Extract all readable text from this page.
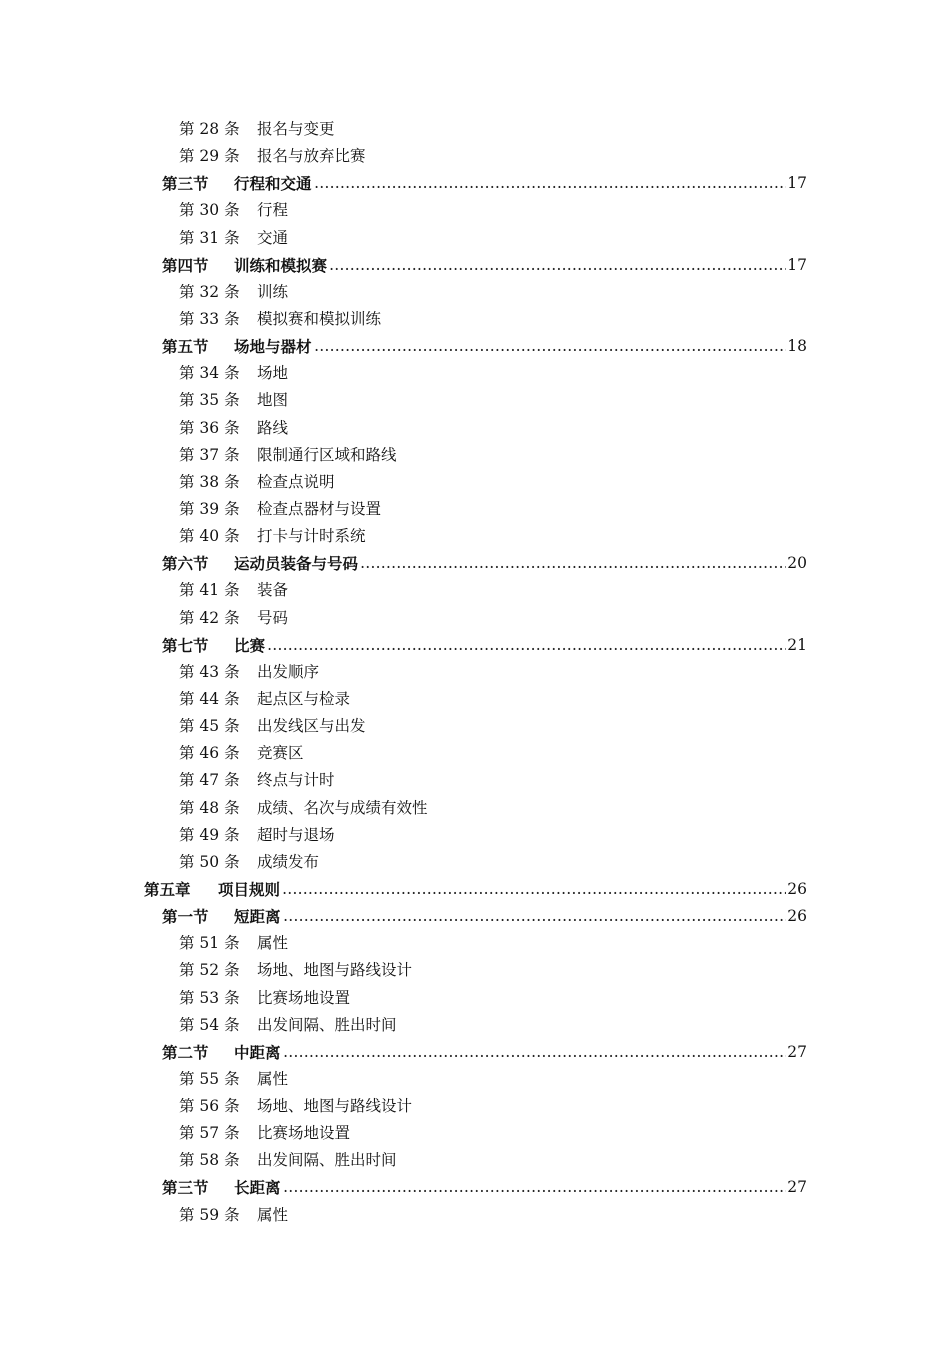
第 28 条 报名与变更
第 29 条 报名与放弃比赛
第三节 行程和交通 ……………………………………………………………………………………………………………………………………………………	17
第 30 条 行程
第 31 条 交通
第四节 训练和模拟赛 ……………………………………………………………………………………………………………………………………………………	17
第 32 条 训练
第 33 条 模拟赛和模拟训练
第五节 场地与器材 ……………………………………………………………………………………………………………………………………………………	18
第 34 条 场地
第 35 条 地图
第 36 条 路线
第 37 条 限制通行区域和路线
第 38 条 检查点说明
第 39 条 检查点器材与设置
第 40 条 打卡与计时系统
第六节 运动员装备与号码 ……………………………………………………………………………………………………………………………………………………	20
第 41 条 装备
第 42 条 号码
第七节 比赛 ……………………………………………………………………………………………………………………………………………………	21
第 43 条 出发顺序
第 44 条 起点区与检录
第 45 条 出发线区与出发
第 46 条 竞赛区
第 47 条 终点与计时
第 48 条 成绩、名次与成绩有效性
第 49 条 超时与退场
第 50 条 成绩发布
第五章 项目规则 ……………………………………………………………………………………………………………………………………………………	26
第一节 短距离 ……………………………………………………………………………………………………………………………………………………	26
第 51 条 属性
第 52 条 场地、地图与路线设计
第 53 条 比赛场地设置
第 54 条 出发间隔、胜出时间
第二节 中距离 ……………………………………………………………………………………………………………………………………………………	27
第 55 条 属性
第 56 条 场地、地图与路线设计
第 57 条 比赛场地设置
第 58 条 出发间隔、胜出时间
第三节 长距离 ……………………………………………………………………………………………………………………………………………………	27
第 59 条 属性
